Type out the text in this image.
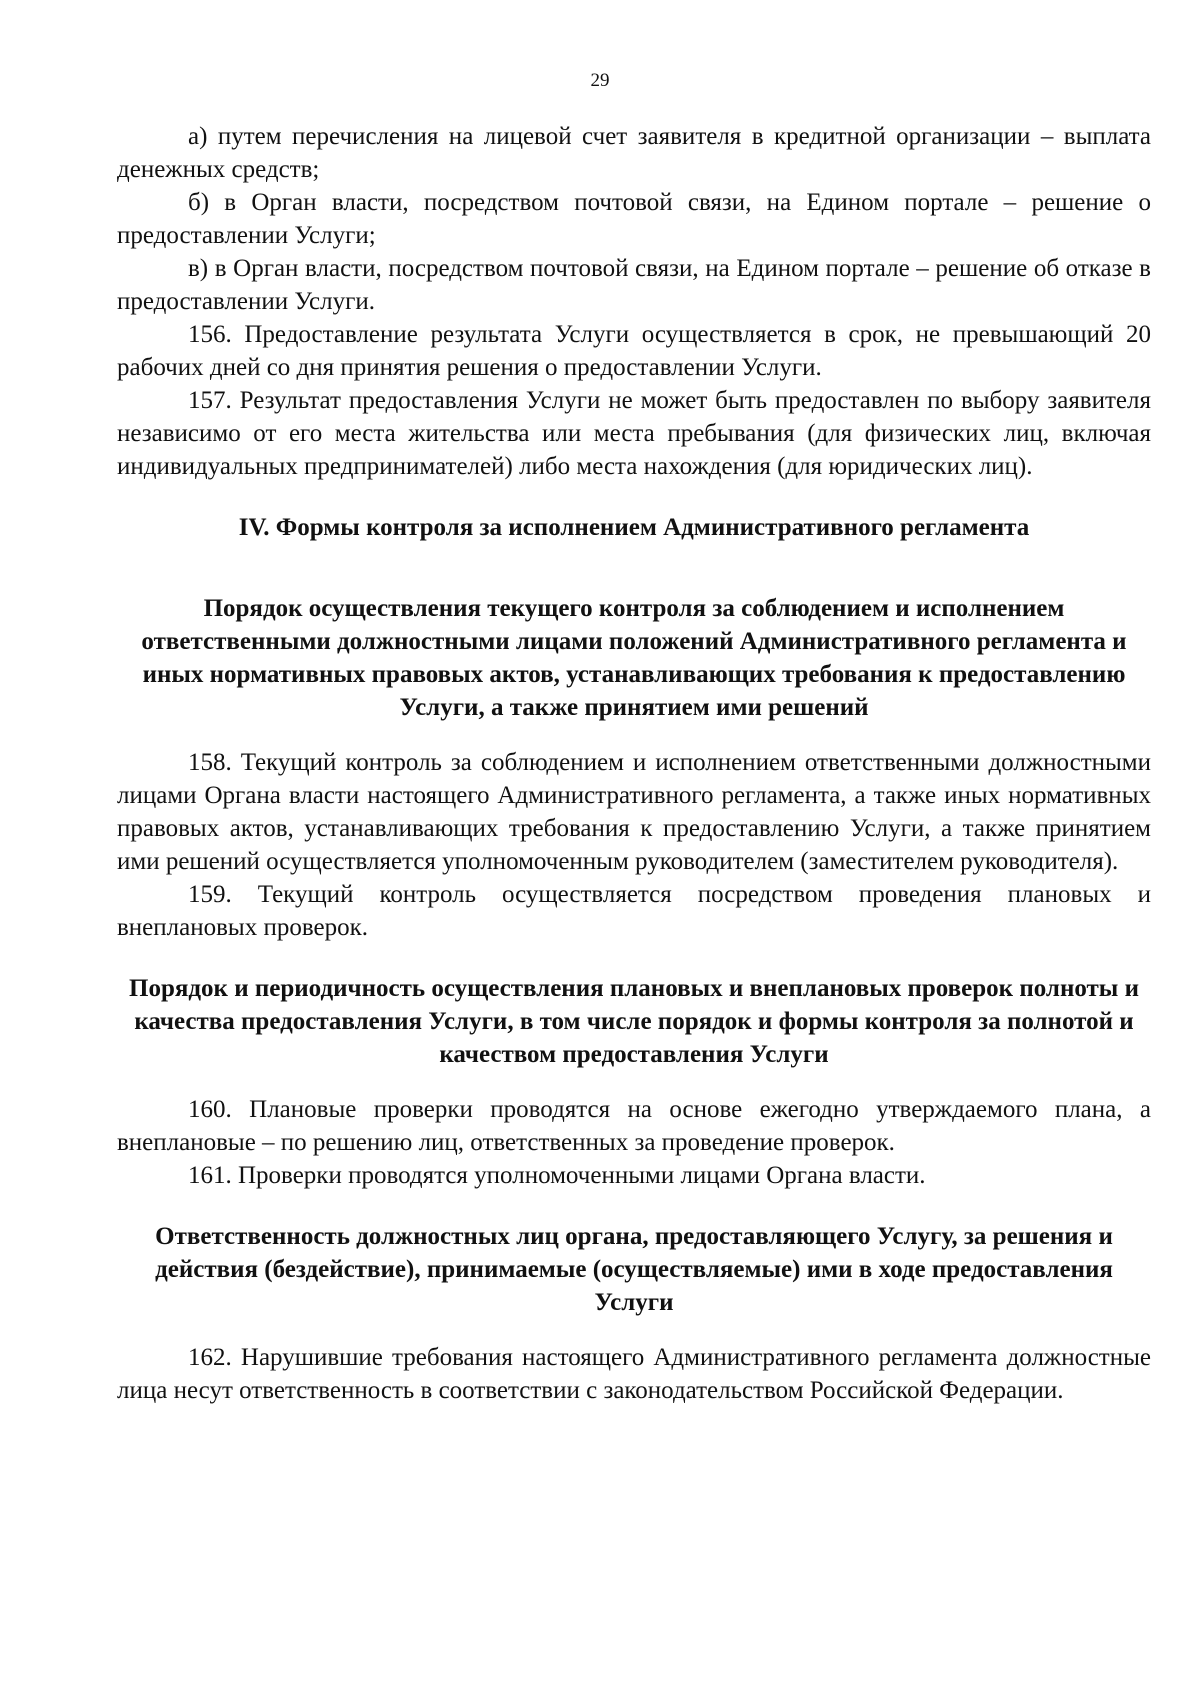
29

а) путем перечисления на лицевой счет заявителя в кредитной организации – выплата денежных средств;

б) в Орган власти, посредством почтовой связи, на Едином портале – решение о предоставлении Услуги;

в) в Орган власти, посредством почтовой связи, на Едином портале – решение об отказе в предоставлении Услуги.

156. Предоставление результата Услуги осуществляется в срок, не превышающий 20 рабочих дней со дня принятия решения о предоставлении Услуги.

157. Результат предоставления Услуги не может быть предоставлен по выбору заявителя независимо от его места жительства или места пребывания (для физических лиц, включая индивидуальных предпринимателей) либо места нахождения (для юридических лиц).

IV. Формы контроля за исполнением Административного регламента
Порядок осуществления текущего контроля за соблюдением и исполнением ответственными должностными лицами положений Административного регламента и иных нормативных правовых актов, устанавливающих требования к предоставлению Услуги, а также принятием ими решений

158. Текущий контроль за соблюдением и исполнением ответственными должностными лицами Органа власти настоящего Административного регламента, а также иных нормативных правовых актов, устанавливающих требования к предоставлению Услуги, а также принятием ими решений осуществляется уполномоченным руководителем (заместителем руководителя).

159. Текущий контроль осуществляется посредством проведения плановых и внеплановых проверок.

Порядок и периодичность осуществления плановых и внеплановых проверок полноты и качества предоставления Услуги, в том числе порядок и формы контроля за полнотой и качеством предоставления Услуги

160. Плановые проверки проводятся на основе ежегодно утверждаемого плана, а внеплановые – по решению лиц, ответственных за проведение проверок.

161. Проверки проводятся уполномоченными лицами Органа власти.

Ответственность должностных лиц органа, предоставляющего Услугу, за решения и действия (бездействие), принимаемые (осуществляемые) ими в ходе предоставления Услуги

162. Нарушившие требования настоящего Административного регламента должностные лица несут ответственность в соответствии с законодательством Российской Федерации.
